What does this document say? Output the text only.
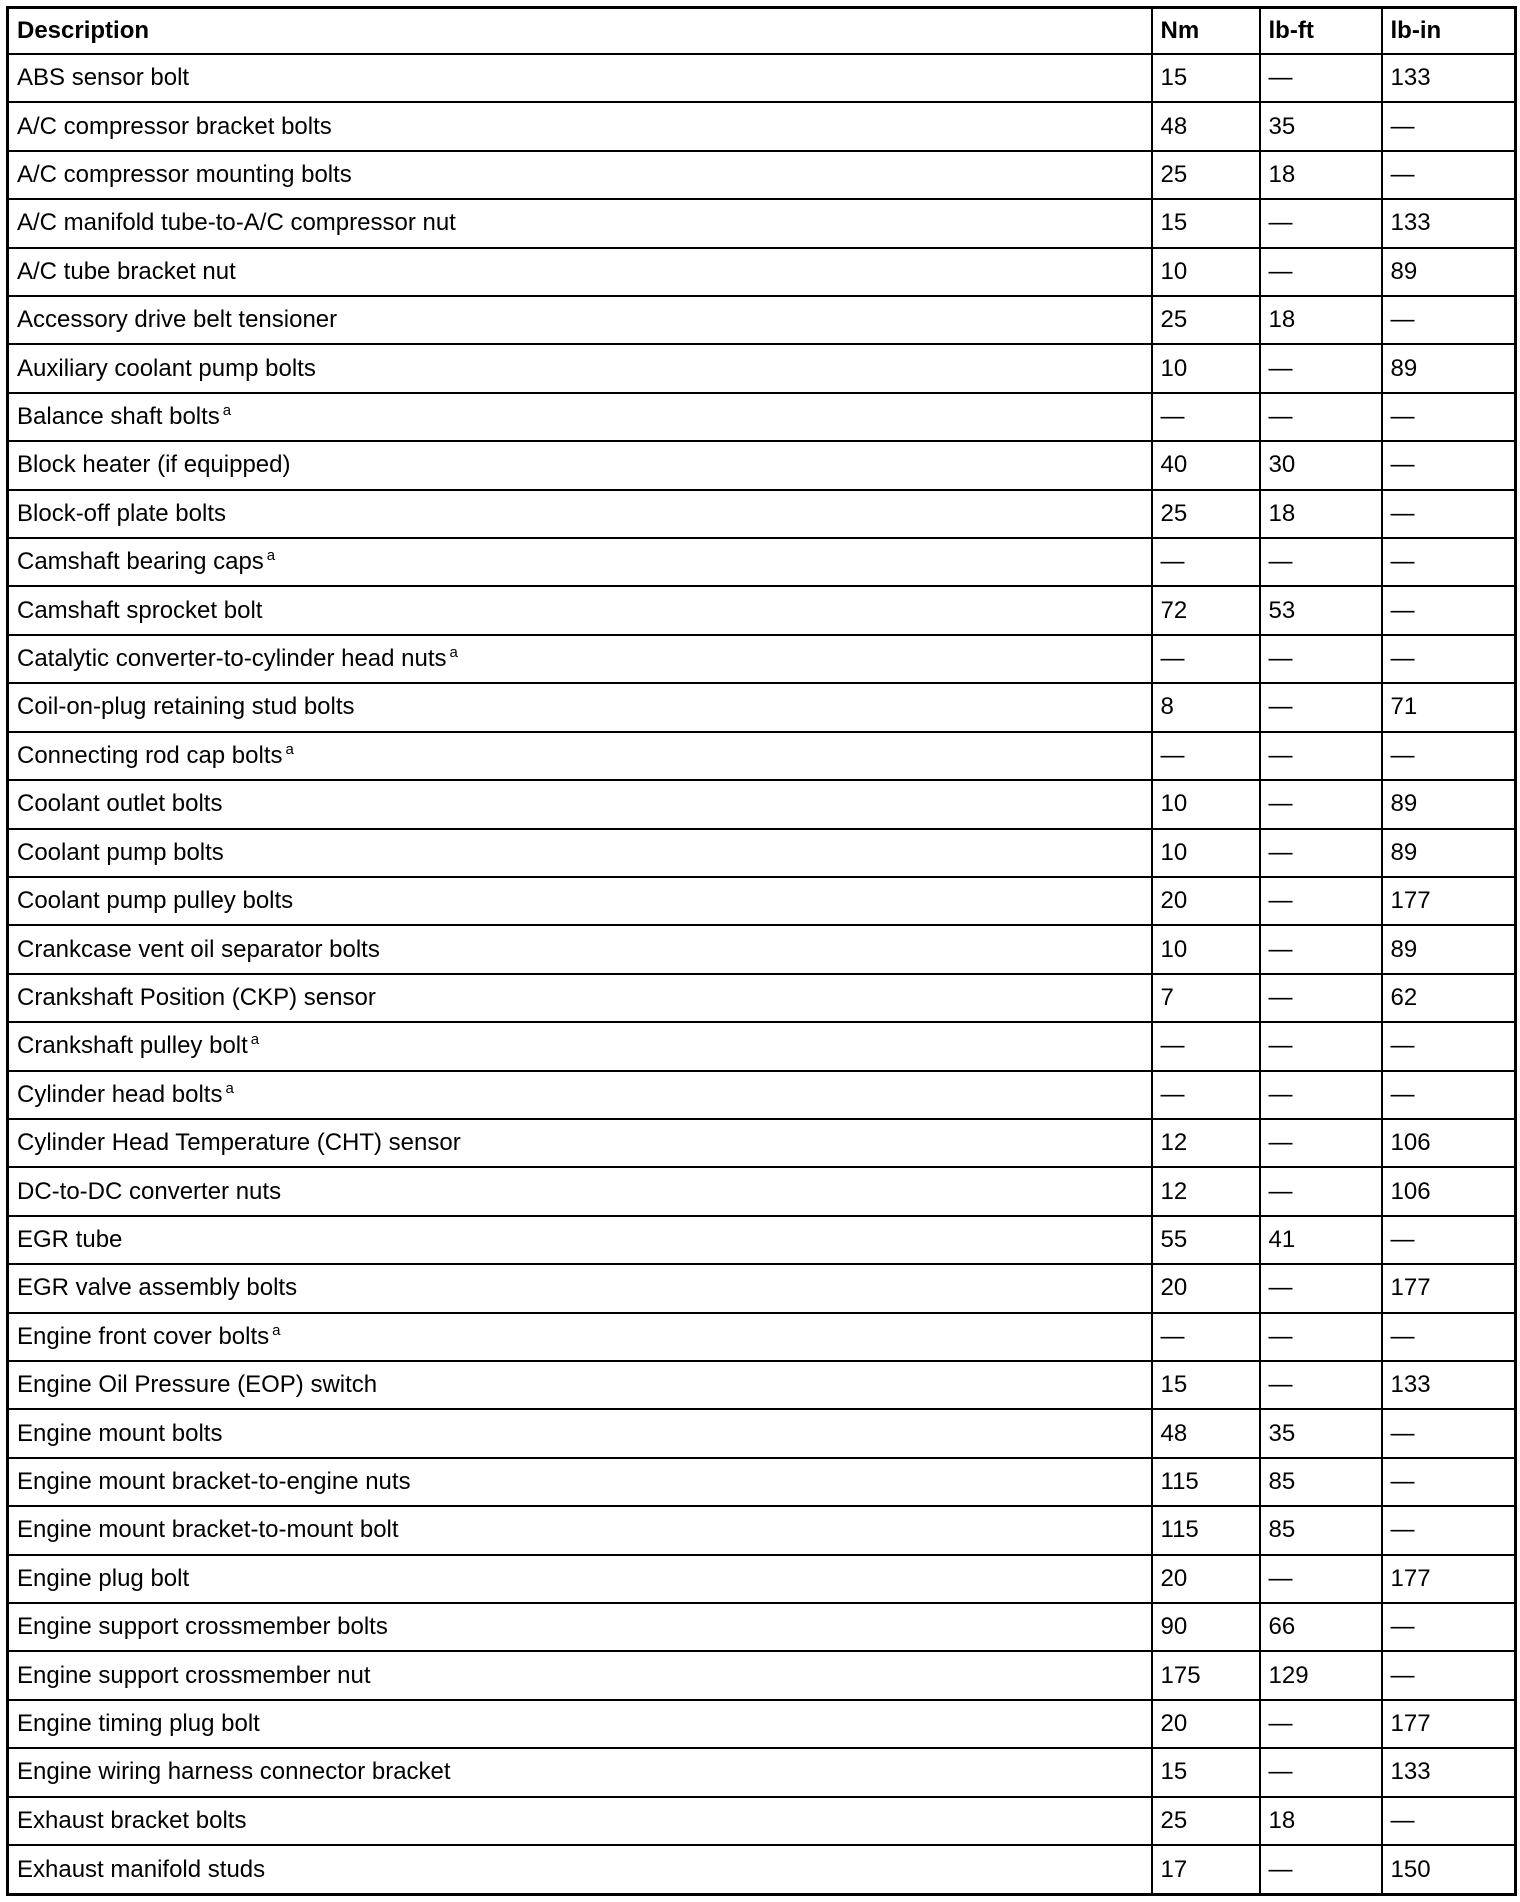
Description	Nm	lb-ft	lb-in
ABS sensor bolt	15	—	133
A/C compressor bracket bolts	48	35	—
A/C compressor mounting bolts	25	18	—
A/C manifold tube-to-A/C compressor nut	15	—	133
A/C tube bracket nut	10	—	89
Accessory drive belt tensioner	25	18	—
Auxiliary coolant pump bolts	10	—	89
Balance shaft bolts $^a$	—	—	—
Block heater (if equipped)	40	30	—
Block-off plate bolts	25	18	—
Camshaft bearing caps $^a$	—	—	—
Camshaft sprocket bolt	72	53	—
Catalytic converter-to-cylinder head nuts $^a$	—	—	—
Coil-on-plug retaining stud bolts	8	—	71
Connecting rod cap bolts $^a$	—	—	—
Coolant outlet bolts	10	—	89
Coolant pump bolts	10	—	89
Coolant pump pulley bolts	20	—	177
Crankcase vent oil separator bolts	10	—	89
Crankshaft Position (CKP) sensor	7	—	62
Crankshaft pulley bolt $^a$	—	—	—
Cylinder head bolts $^a$	—	—	—
Cylinder Head Temperature (CHT) sensor	12	—	106
DC-to-DC converter nuts	12	—	106
EGR tube	55	41	—
EGR valve assembly bolts	20	—	177
Engine front cover bolts $^a$	—	—	—
Engine Oil Pressure (EOP) switch	15	—	133
Engine mount bolts	48	35	—
Engine mount bracket-to-engine nuts	115	85	—
Engine mount bracket-to-mount bolt	115	85	—
Engine plug bolt	20	—	177
Engine support crossmember bolts	90	66	—
Engine support crossmember nut	175	129	—
Engine timing plug bolt	20	—	177
Engine wiring harness connector bracket	15	—	133
Exhaust bracket bolts	25	18	—
Exhaust manifold studs	17	—	150
